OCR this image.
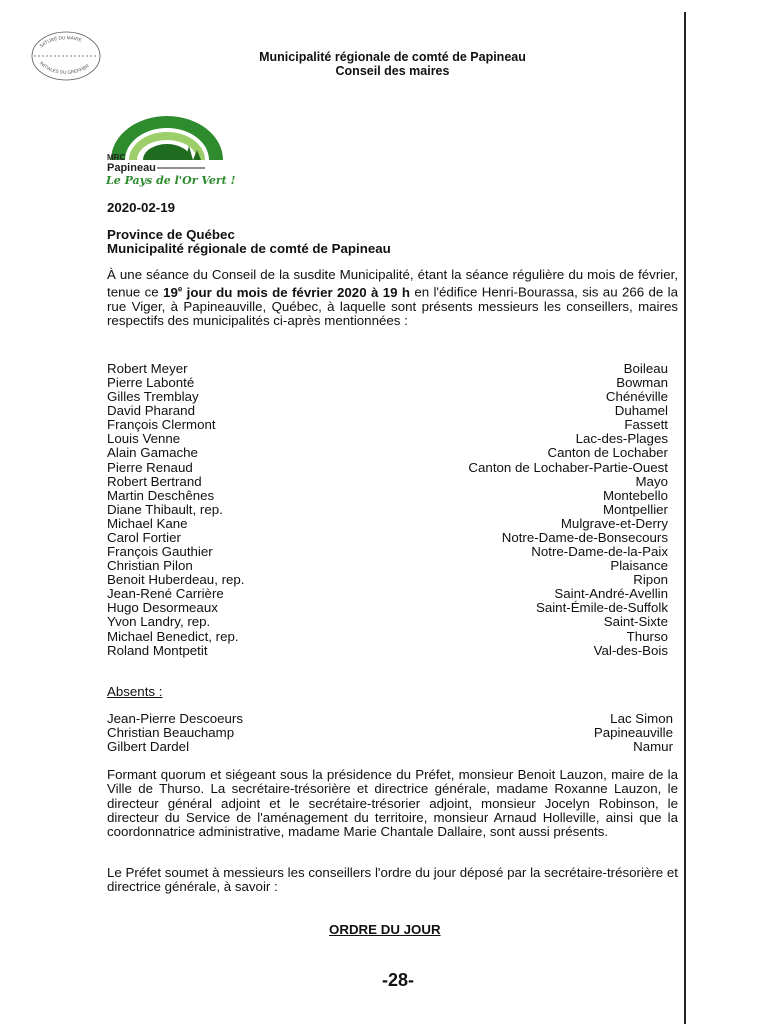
SATURÉ DU MAIRE
INITIALES DU GREFFIER
Municipalité régionale de comté de Papineau
Conseil des maires
MRC
Papineau
Le Pays de l'Or Vert !
2020-02-19
Province de Québec
Municipalité régionale de comté de Papineau
À une séance du Conseil de la susdite Municipalité, étant la séance régulière du mois de février, tenue ce 19e jour du mois de février 2020 à 19 h en l'édifice Henri-Bourassa, sis au 266 de la rue Viger, à Papineauville, Québec, à laquelle sont présents messieurs les conseillers, maires respectifs des municipalités ci-après mentionnées :
Robert Meyer	Boileau
Pierre Labonté	Bowman
Gilles Tremblay	Chénéville
David Pharand	Duhamel
François Clermont	Fassett
Louis Venne	Lac-des-Plages
Alain Gamache	Canton de Lochaber
Pierre Renaud	Canton de Lochaber-Partie-Ouest
Robert Bertrand	Mayo
Martin Deschênes	Montebello
Diane Thibault, rep.	Montpellier
Michael Kane	Mulgrave-et-Derry
Carol Fortier	Notre-Dame-de-Bonsecours
François Gauthier	Notre-Dame-de-la-Paix
Christian Pilon	Plaisance
Benoit Huberdeau, rep.	Ripon
Jean-René Carrière	Saint-André-Avellin
Hugo Desormeaux	Saint-Émile-de-Suffolk
Yvon Landry, rep.	Saint-Sixte
Michael Benedict, rep.	Thurso
Roland Montpetit	Val-des-Bois
Absents :
Jean-Pierre Descoeurs	Lac Simon
Christian Beauchamp	Papineauville
Gilbert Dardel	Namur
Formant quorum et siégeant sous la présidence du Préfet, monsieur Benoit Lauzon, maire de la Ville de Thurso. La secrétaire-trésorière et directrice générale, madame Roxanne Lauzon, le directeur général adjoint et le secrétaire-trésorier adjoint, monsieur Jocelyn Robinson, le directeur du Service de l'aménagement du territoire, monsieur Arnaud Holleville, ainsi que la coordonnatrice administrative, madame Marie Chantale Dallaire, sont aussi présents.
Le Préfet soumet à messieurs les conseillers l'ordre du jour déposé par la secrétaire-trésorière et directrice générale, à savoir :
ORDRE DU JOUR
-28-
